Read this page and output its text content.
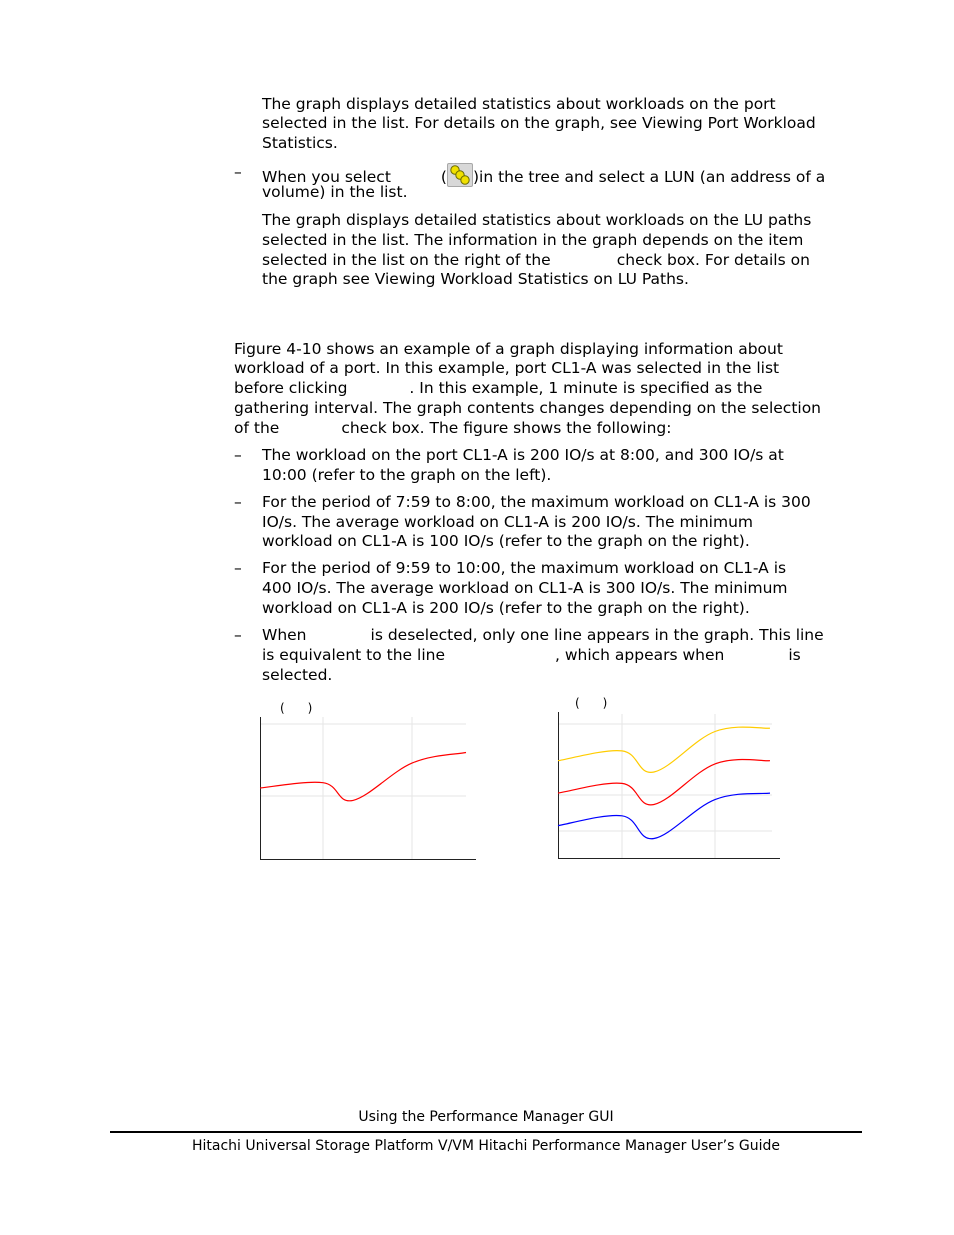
The graph displays detailed statistics about workloads on the port

selected in the list. For details on the graph, see Viewing Port Workload

Statistics.

– When you select	( )in the tree and select a LUN (an address of a

volume) in the list.

The graph displays detailed statistics about workloads on the LU paths

selected in the list. The information in the graph depends on the item

selected in the list on the right of the	check box. For details on

the graph see Viewing Workload Statistics on LU Paths.

Figure 4-10 shows an example of a graph displaying information about

workload of a port. In this example, port CL1-A was selected in the list

before clicking	. In this example, 1 minute is specified as the

gathering interval. The graph contents changes depending on the selection

of the	check box. The figure shows the following:

– The workload on the port CL1-A is 200 IO/s at 8:00, and 300 IO/s at

10:00 (refer to the graph on the left).

– For the period of 7:59 to 8:00, the maximum workload on CL1-A is 300

IO/s. The average workload on CL1-A is 200 IO/s. The minimum

workload on CL1-A is 100 IO/s (refer to the graph on the right).

– For the period of 9:59 to 10:00, the maximum workload on CL1-A is

400 IO/s. The average workload on CL1-A is 300 IO/s. The minimum

workload on CL1-A is 200 IO/s (refer to the graph on the right).

– When	is deselected, only one line appears in the graph. This line

is equivalent to the line	, which appears when	is

selected.

(      )	(      )
Using the Performance Manager GUI
Hitachi Universal Storage Platform V/VM Hitachi Performance Manager User’s Guide
